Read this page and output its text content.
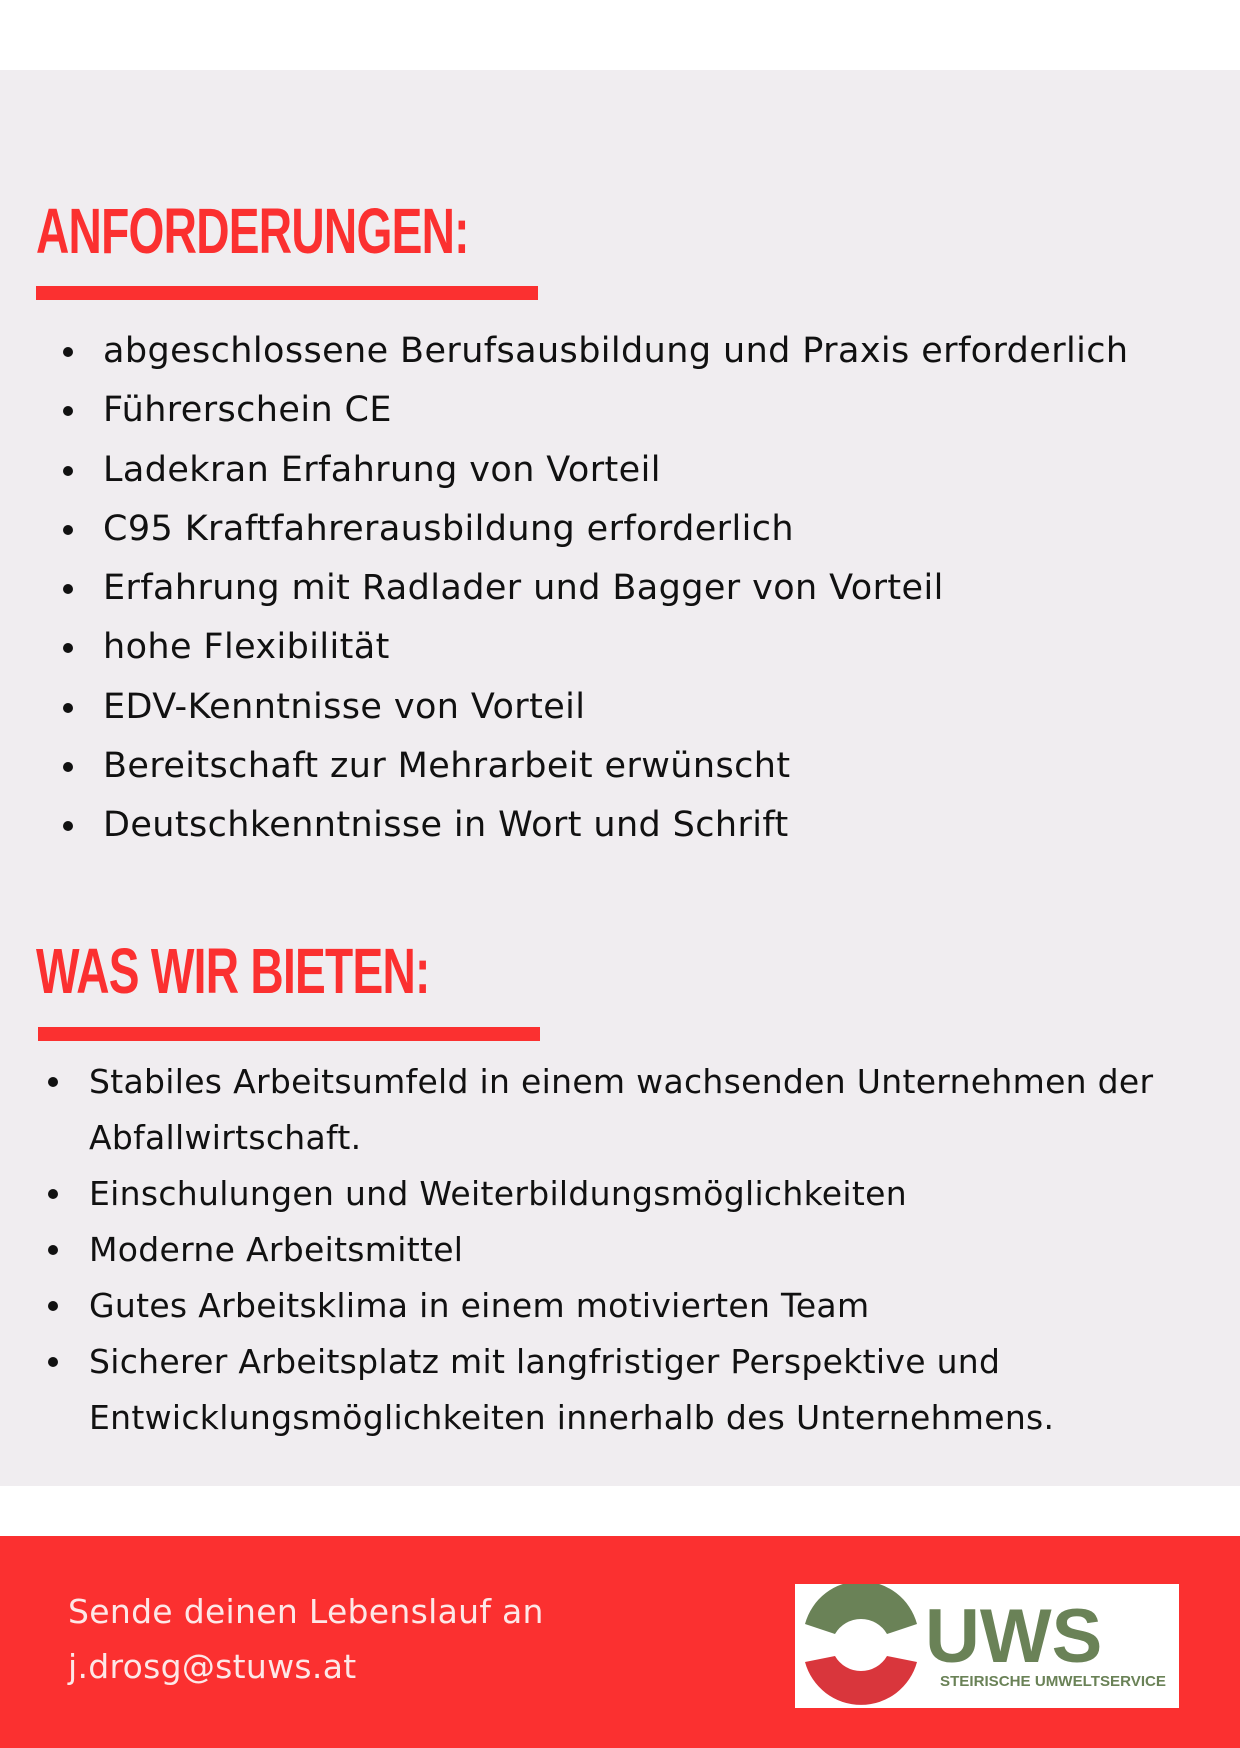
ANFORDERUNGEN:
abgeschlossene Berufsausbildung und Praxis erforderlich
Führerschein CE
Ladekran Erfahrung von Vorteil
C95 Kraftfahrerausbildung erforderlich
Erfahrung mit Radlader und Bagger von Vorteil
hohe Flexibilität
EDV-Kenntnisse von Vorteil
Bereitschaft zur Mehrarbeit erwünscht
Deutschkenntnisse in Wort und Schrift
WAS WIR BIETEN:
Stabiles Arbeitsumfeld in einem wachsenden Unternehmen der Abfallwirtschaft.
Einschulungen und Weiterbildungsmöglichkeiten
Moderne Arbeitsmittel
Gutes Arbeitsklima in einem motivierten Team
Sicherer Arbeitsplatz mit langfristiger Perspektive und Entwicklungsmöglichkeiten innerhalb des Unternehmens.

Sende deinen Lebenslauf an
j.drosg@stuws.at	UWS
STEIRISCHE UMWELTSERVICE
